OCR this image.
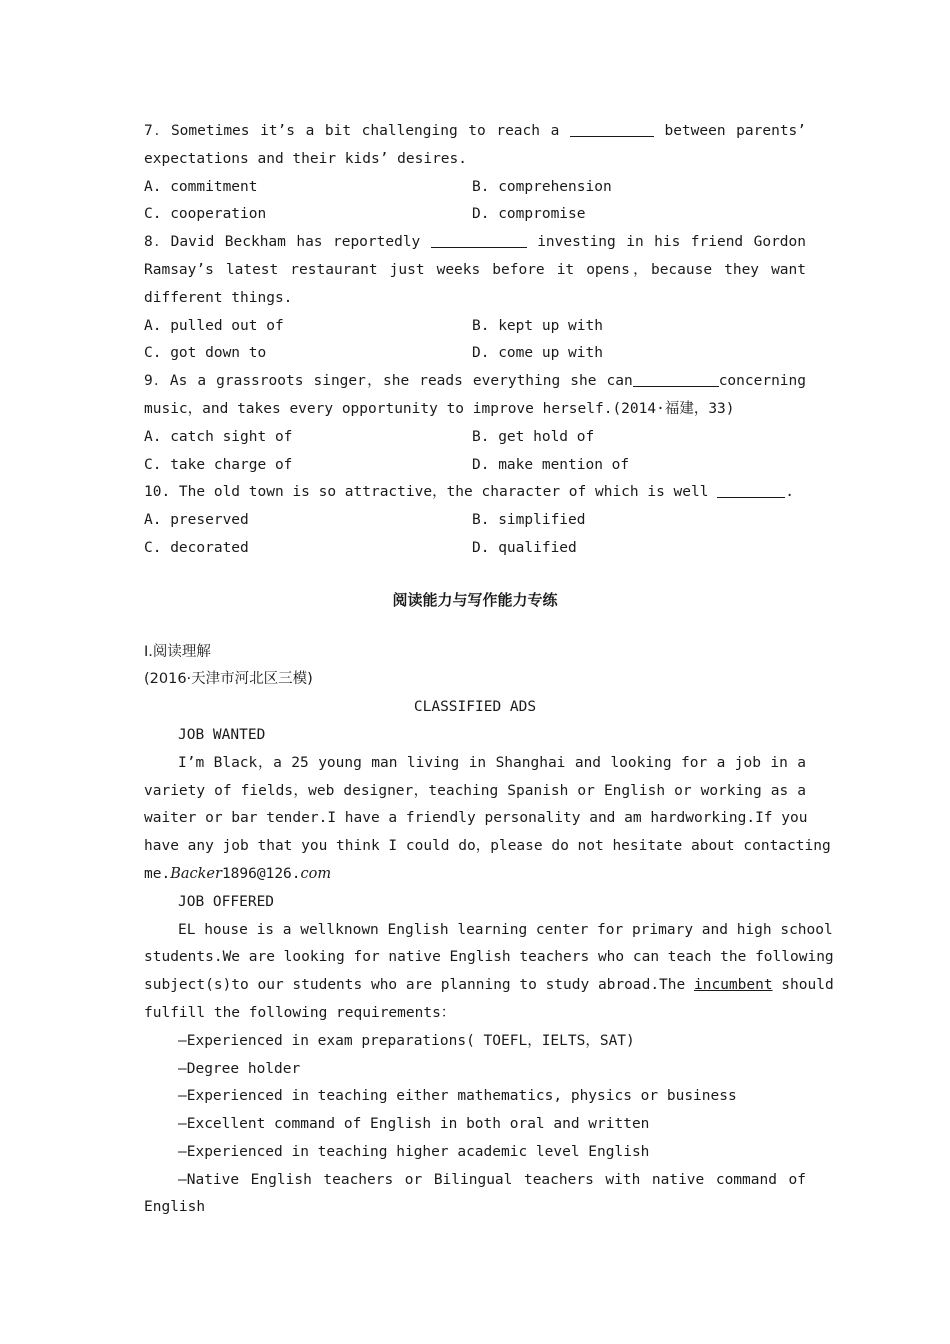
7．Sometimes it’s a bit challenging to reach a	between parents’
expectations and their kids’ desires.
A. commitment	B. comprehension
C. cooperation	D. compromise
8．David Beckham has reportedly	investing in his friend Gordon
Ramsay’s latest restaurant just weeks before it opens，because they want
different things.
A. pulled out of	B. kept up with
C. got down to	D. come up with
9．As a grassroots singer，she reads everything she can	concerning
music，and takes every opportunity to improve herself.(2014·福建，33)
A. catch sight of	B. get hold of
C. take charge of	D. make mention of
10. The old town is so attractive，the character of which is well	.
A. preserved	B. simplified
C. decorated	D. qualified
阅读能力与写作能力专练
Ⅰ.阅读理解
(2016·天津市河北区三模)
CLASSIFIED ADS
JOB WANTED
I’m Black，a 25 young man living in Shanghai and looking for a job in a
variety of fields，web designer，teaching Spanish or English or working as a
waiter or bar tender.I have a friendly personality and am hardworking.If you
have any job that you think I could do，please do not hesitate about contacting
me.Backer1896@126.com
JOB OFFERED
EL house is a wellknown English learning center for primary and high school
students.We are looking for native English teachers who can teach the following
subject(s)to our students who are planning to study abroad.The incumbent should
fulfill the following requirements：
—Experienced in exam preparations( TOEFL，IELTS，SAT)
—Degree holder
—Experienced in teaching either mathematics, physics or business
—Excellent command of English in both oral and written
—Experienced in teaching higher academic level English
—Native English teachers or Bilingual teachers with native command of
English
